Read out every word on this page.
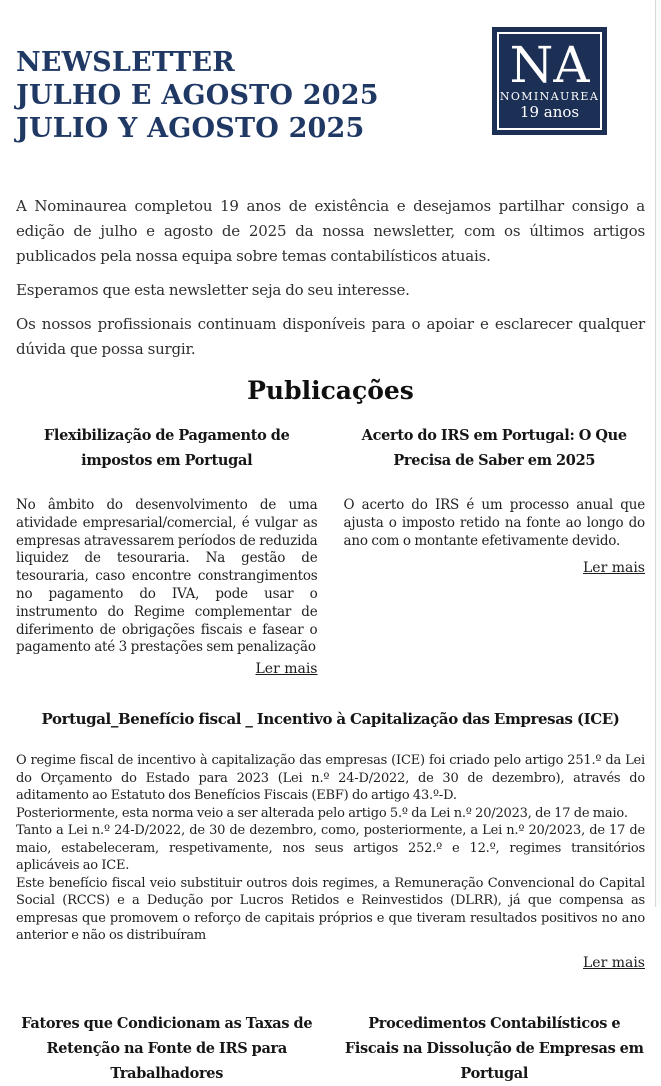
NEWSLETTER
JULHO E AGOSTO 2025
JULIO Y AGOSTO 2025
NA
NOMINAUREA
19 anos

A Nominaurea completou 19 anos de existência e desejamos partilhar consigo a edição de julho e agosto de 2025 da nossa newsletter, com os últimos artigos publicados pela nossa equipa sobre temas contabilísticos atuais.

Esperamos que esta newsletter seja do seu interesse.

Os nossos profissionais continuam disponíveis para o apoiar e esclarecer qualquer dúvida que possa surgir.

Publicações
Flexibilização de Pagamento de impostos em Portugal

No âmbito do desenvolvimento de uma atividade empresarial/comercial, é vulgar as empresas atravessarem períodos de reduzida liquidez de tesouraria. Na gestão de tesouraria, caso encontre constrangimentos no pagamento do IVA, pode usar o instrumento do Regime complementar de diferimento de obrigações fiscais e fasear o pagamento até 3 prestações sem penalização

Ler mais
Acerto do IRS em Portugal: O Que Precisa de Saber em 2025

O acerto do IRS é um processo anual que ajusta o imposto retido na fonte ao longo do ano com o montante efetivamente devido.

Ler mais
Portugal_Benefício fiscal _ Incentivo à Capitalização das Empresas (ICE)

O regime fiscal de incentivo à capitalização das empresas (ICE) foi criado pelo artigo 251.º da Lei do Orçamento do Estado para 2023 (Lei n.º 24-D/2022, de 30 de dezembro), através do aditamento ao Estatuto dos Benefícios Fiscais (EBF) do artigo 43.º-D.

Posteriormente, esta norma veio a ser alterada pelo artigo 5.º da Lei n.º 20/2023, de 17 de maio.

Tanto a Lei n.º 24-D/2022, de 30 de dezembro, como, posteriormente, a Lei n.º 20/2023, de 17 de maio, estabeleceram, respetivamente, nos seus artigos 252.º e 12.º, regimes transitórios aplicáveis ao ICE.

Este benefício fiscal veio substituir outros dois regimes, a Remuneração Convencional do Capital Social (RCCS) e a Dedução por Lucros Retidos e Reinvestidos (DLRR), já que compensa as empresas que promovem o reforço de capitais próprios e que tiveram resultados positivos no ano anterior e não os distribuíram

Ler mais
Fatores que Condicionam as Taxas de Retenção na Fonte de IRS para Trabalhadores
Procedimentos Contabilísticos e Fiscais na Dissolução de Empresas em Portugal
